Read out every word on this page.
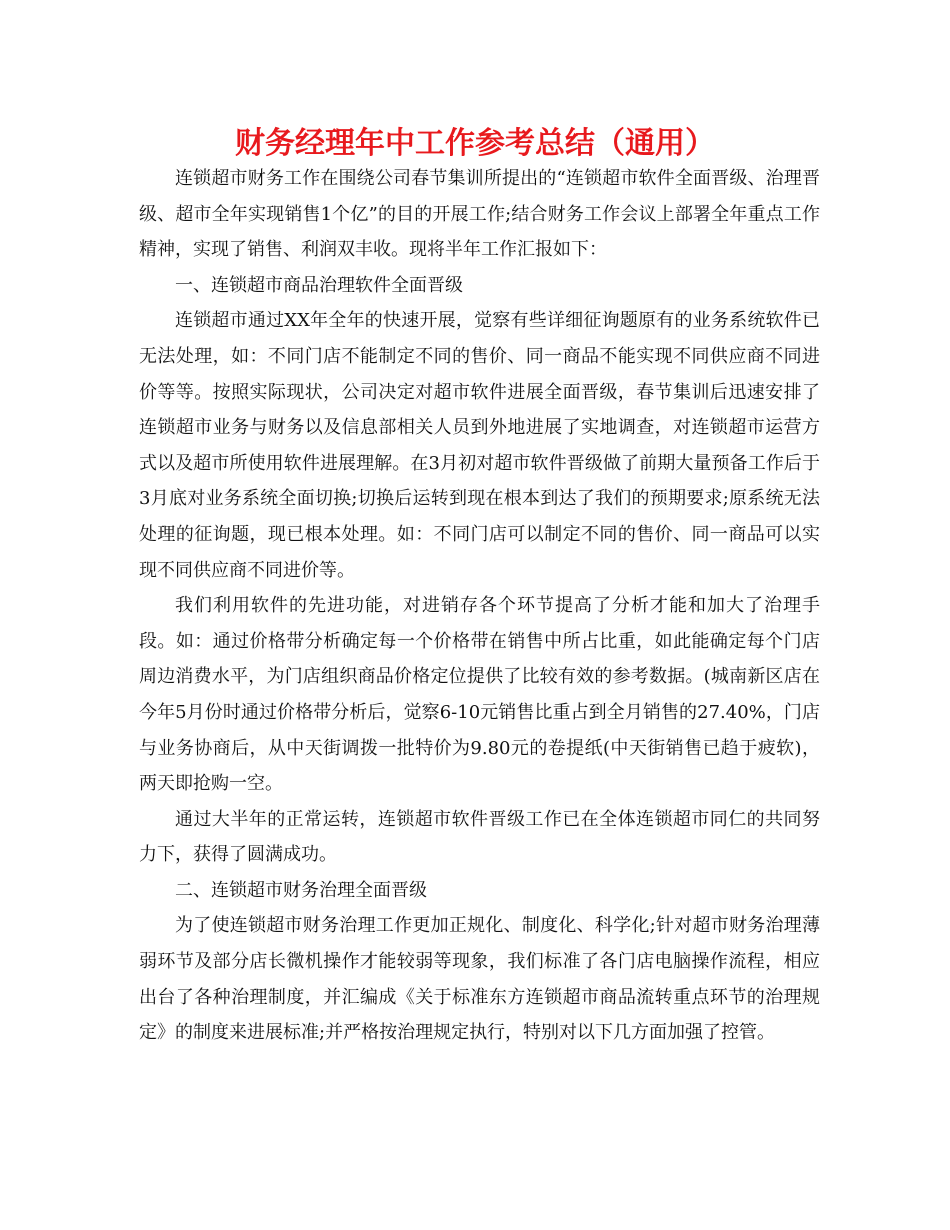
财务经理年中工作参考总结（通用）

连锁超市财务工作在围绕公司春节集训所提出的“连锁超市软件全面晋级、治理晋级、超市全年实现销售1个亿”的目的开展工作;结合财务工作会议上部署全年重点工作精神，实现了销售、利润双丰收。现将半年工作汇报如下：

一、连锁超市商品治理软件全面晋级

连锁超市通过XX年全年的快速开展，觉察有些详细征询题原有的业务系统软件已无法处理，如：不同门店不能制定不同的售价、同一商品不能实现不同供应商不同进价等等。按照实际现状，公司决定对超市软件进展全面晋级，春节集训后迅速安排了连锁超市业务与财务以及信息部相关人员到外地进展了实地调查，对连锁超市运营方式以及超市所使用软件进展理解。在3月初对超市软件晋级做了前期大量预备工作后于3月底对业务系统全面切换;切换后运转到现在根本到达了我们的预期要求;原系统无法处理的征询题，现已根本处理。如：不同门店可以制定不同的售价、同一商品可以实现不同供应商不同进价等。

我们利用软件的先进功能，对进销存各个环节提高了分析才能和加大了治理手段。如：通过价格带分析确定每一个价格带在销售中所占比重，如此能确定每个门店周边消费水平，为门店组织商品价格定位提供了比较有效的参考数据。(城南新区店在今年5月份时通过价格带分析后，觉察6-10元销售比重占到全月销售的27.40%，门店与业务协商后，从中天街调拨一批特价为9.80元的卷提纸(中天街销售已趋于疲软)，两天即抢购一空。

通过大半年的正常运转，连锁超市软件晋级工作已在全体连锁超市同仁的共同努力下，获得了圆满成功。

二、连锁超市财务治理全面晋级

为了使连锁超市财务治理工作更加正规化、制度化、科学化;针对超市财务治理薄弱环节及部分店长微机操作才能较弱等现象，我们标准了各门店电脑操作流程，相应出台了各种治理制度，并汇编成《关于标准东方连锁超市商品流转重点环节的治理规定》的制度来进展标准;并严格按治理规定执行，特别对以下几方面加强了控管。
